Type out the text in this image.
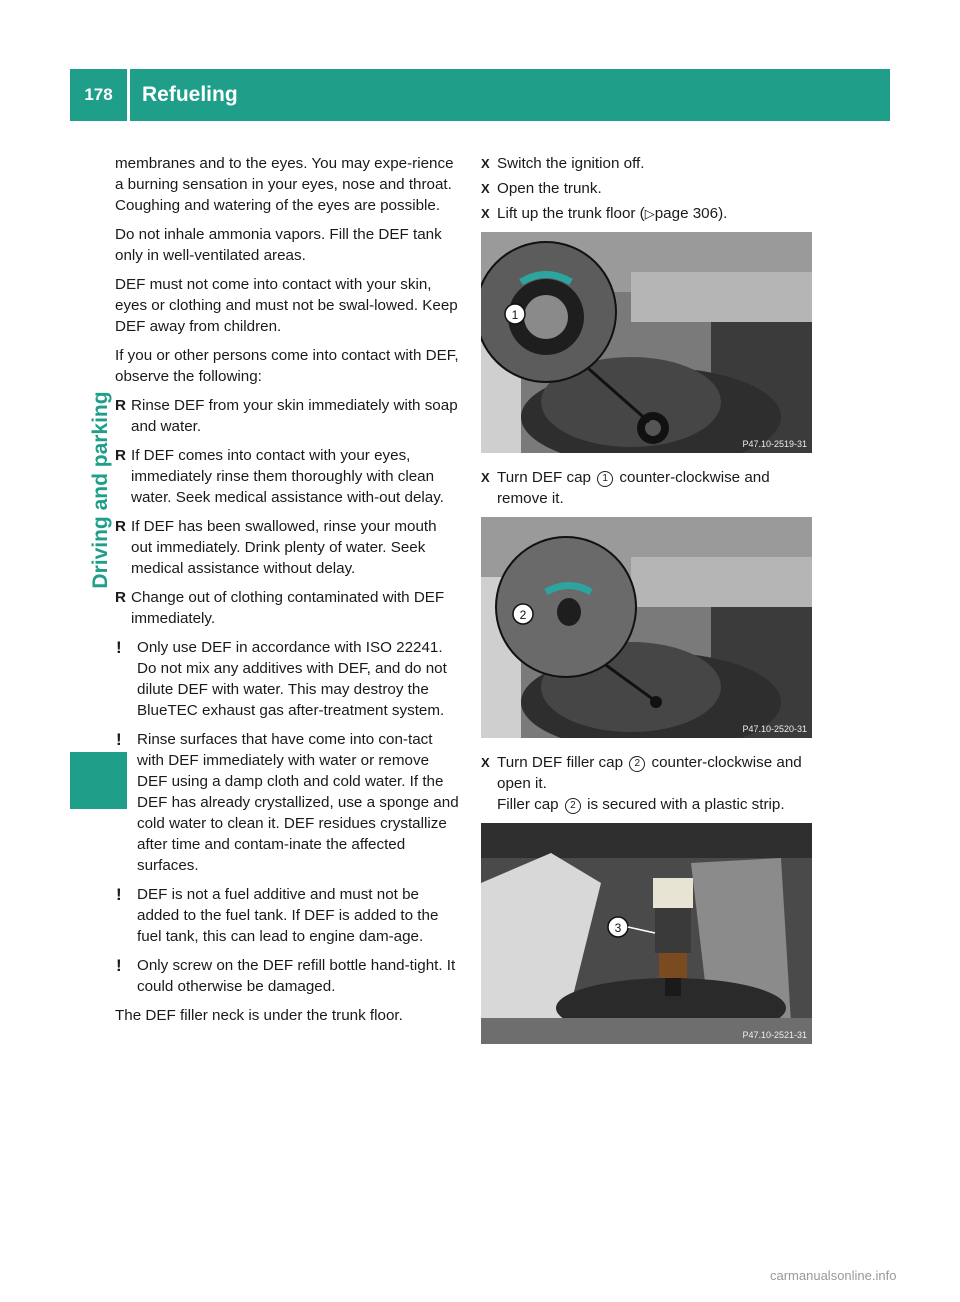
178	Refueling
Driving and parking

membranes and to the eyes. You may expe-rience a burning sensation in your eyes, nose and throat. Coughing and watering of the eyes are possible.

Do not inhale ammonia vapors. Fill the DEF tank only in well-ventilated areas.

DEF must not come into contact with your skin, eyes or clothing and must not be swal-lowed. Keep DEF away from children.

If you or other persons come into contact with DEF, observe the following:

R Rinse DEF from your skin immediately with soap and water.
R If DEF comes into contact with your eyes, immediately rinse them thoroughly with clean water. Seek medical assistance with-out delay.
R If DEF has been swallowed, rinse your mouth out immediately. Drink plenty of water. Seek medical assistance without delay.
R Change out of clothing contaminated with DEF immediately.
! Only use DEF in accordance with ISO 22241. Do not mix any additives with DEF, and do not dilute DEF with water. This may destroy the BlueTEC exhaust gas after-treatment system.
! Rinse surfaces that have come into con-tact with DEF immediately with water or remove DEF using a damp cloth and cold water. If the DEF has already crystallized, use a sponge and cold water to clean it. DEF residues crystallize after time and contam-inate the affected surfaces.
! DEF is not a fuel additive and must not be added to the fuel tank. If DEF is added to the fuel tank, this can lead to engine dam-age.
! Only screw on the DEF refill bottle hand-tight. It could otherwise be damaged.

The DEF filler neck is under the trunk floor.

X Switch the ignition off.
X Open the trunk.
X Lift up the trunk floor (▷page 306).
1
P47.10-2519-31
X Turn DEF cap 1 counter-clockwise and remove it.
2
P47.10-2520-31
X Turn DEF filler cap 2 counter-clockwise and open it.
Filler cap 2 is secured with a plastic strip.
3
P47.10-2521-31
carmanualsonline.info
